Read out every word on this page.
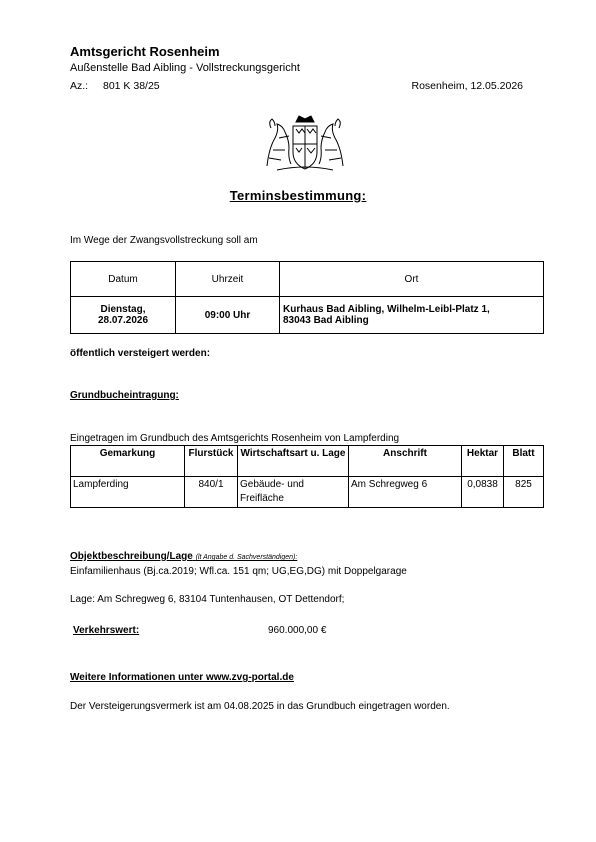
Amtsgericht Rosenheim
Außenstelle Bad Aibling - Vollstreckungsgericht
Az.: 801 K 38/25	Rosenheim, 12.05.2026
Terminsbestimmung:
Im Wege der Zwangsvollstreckung soll am
Datum	Uhrzeit	Ort
Dienstag,
28.07.2026	09:00 Uhr	Kurhaus Bad Aibling, Wilhelm-Leibl-Platz 1,
83043 Bad Aibling
öffentlich versteigert werden:
Grundbucheintragung:
Eingetragen im Grundbuch des Amtsgerichts Rosenheim von Lampferding
Gemarkung	Flurstück	Wirtschaftsart u. Lage	Anschrift	Hektar	Blatt
Lampferding	840/1	Gebäude- und Freifläche	Am Schregweg 6	0,0838	825
Objektbeschreibung/Lage (lt Angabe d. Sachverständigen):
Einfamilienhaus (Bj.ca.2019; Wfl.ca. 151 qm; UG,EG,DG) mit Doppelgarage
Lage: Am Schregweg 6, 83104 Tuntenhausen, OT Dettendorf;
Verkehrswert:	960.000,00 €
Weitere Informationen unter www.zvg-portal.de
Der Versteigerungsvermerk ist am 04.08.2025 in das Grundbuch eingetragen worden.
